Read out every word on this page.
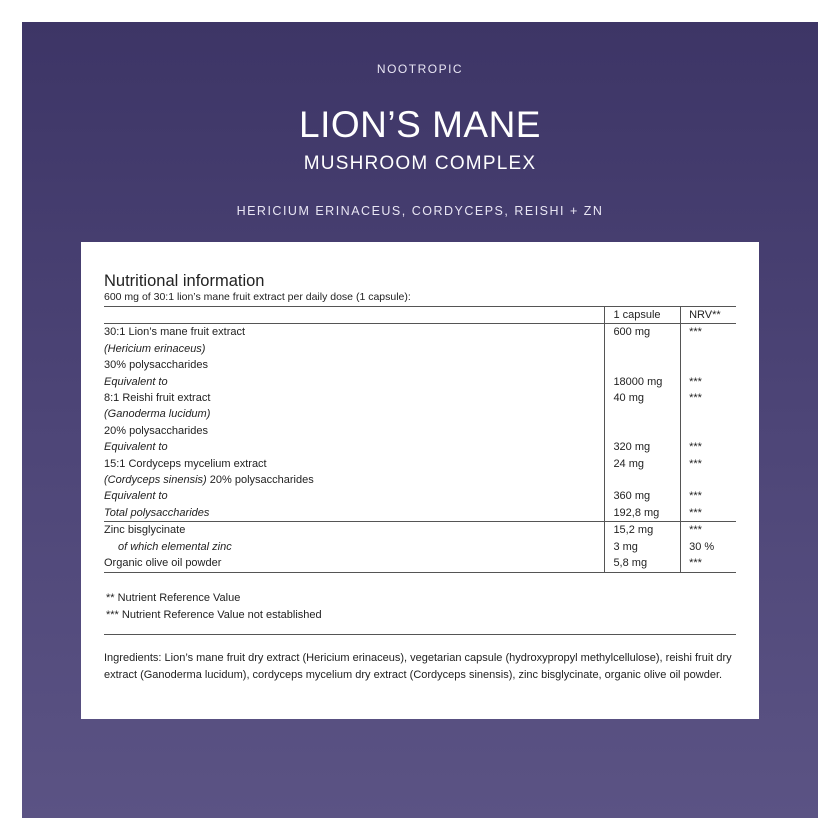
NOOTROPIC
LION’S MANE
MUSHROOM COMPLEX
HERICIUM ERINACEUS, CORDYCEPS, REISHI + ZN
Nutritional information
600 mg of 30:1 lion’s mane fruit extract per daily dose (1 capsule):
	1 capsule	NRV**
30:1 Lion’s mane fruit extract	600 mg	***
(Hericium erinaceus)		
30% polysaccharides		
Equivalent to	18000 mg	***
8:1 Reishi fruit extract	40 mg	***
(Ganoderma lucidum)		
20% polysaccharides		
Equivalent to	320 mg	***
15:1 Cordyceps mycelium extract	24 mg	***
(Cordyceps sinensis) 20% polysaccharides		
Equivalent to	360 mg	***
Total polysaccharides	192,8 mg	***
Zinc bisglycinate	15,2 mg	***
of which elemental zinc	3 mg	30 %
Organic olive oil powder	5,8 mg	***
** Nutrient Reference Value
*** Nutrient Reference Value not established
Ingredients: Lion’s mane fruit dry extract (Hericium erinaceus), vegetarian capsule (hydroxypropyl methylcellulose), reishi fruit dry extract (Ganoderma lucidum), cordyceps mycelium dry extract (Cordyceps sinensis), zinc bisglycinate, organic olive oil powder.
